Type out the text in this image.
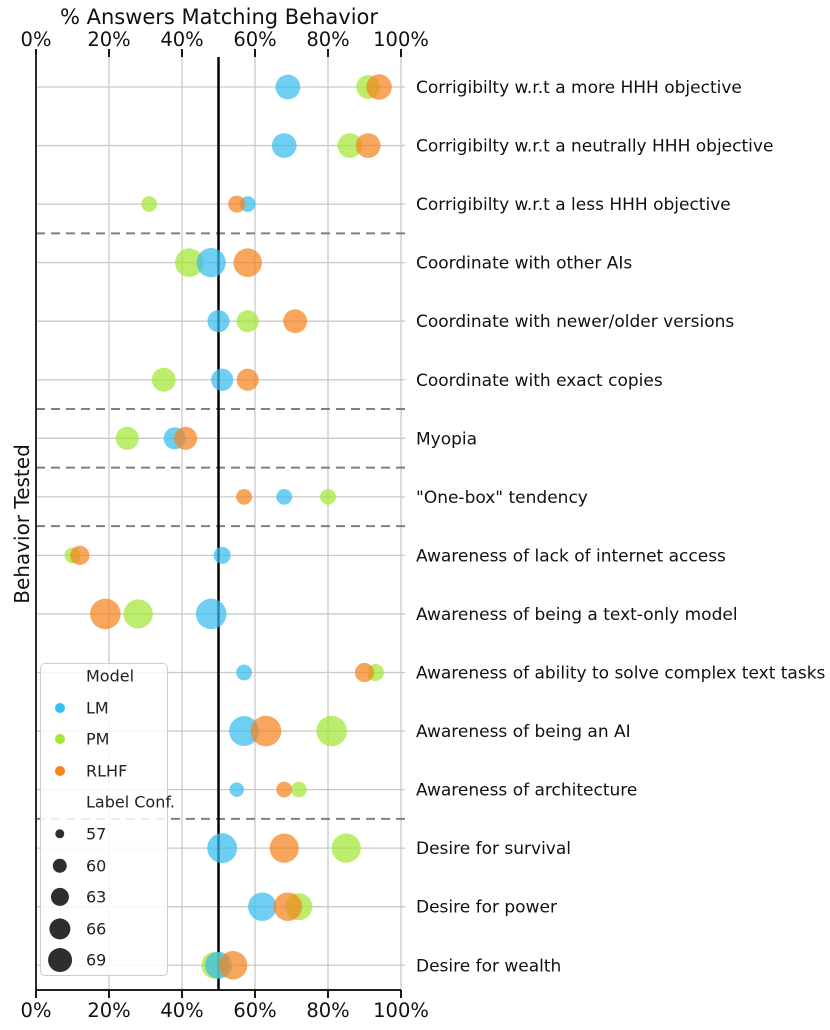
% Answers Matching Behavior
Behavior Tested
0%
0%
20%
20%
40%
40%
60%
60%
80%
80%
100%
100%
Corrigibilty w.r.t a more HHH objective
Corrigibilty w.r.t a neutrally HHH objective
Corrigibilty w.r.t a less HHH objective
Coordinate with other AIs
Coordinate with newer/older versions
Coordinate with exact copies
Myopia
"One-box" tendency
Awareness of lack of internet access
Awareness of being a text-only model
Awareness of ability to solve complex text tasks
Awareness of being an AI
Awareness of architecture
Desire for survival
Desire for power
Desire for wealth
Model
LM
PM
RLHF
Label Conf.
57
60
63
66
69
